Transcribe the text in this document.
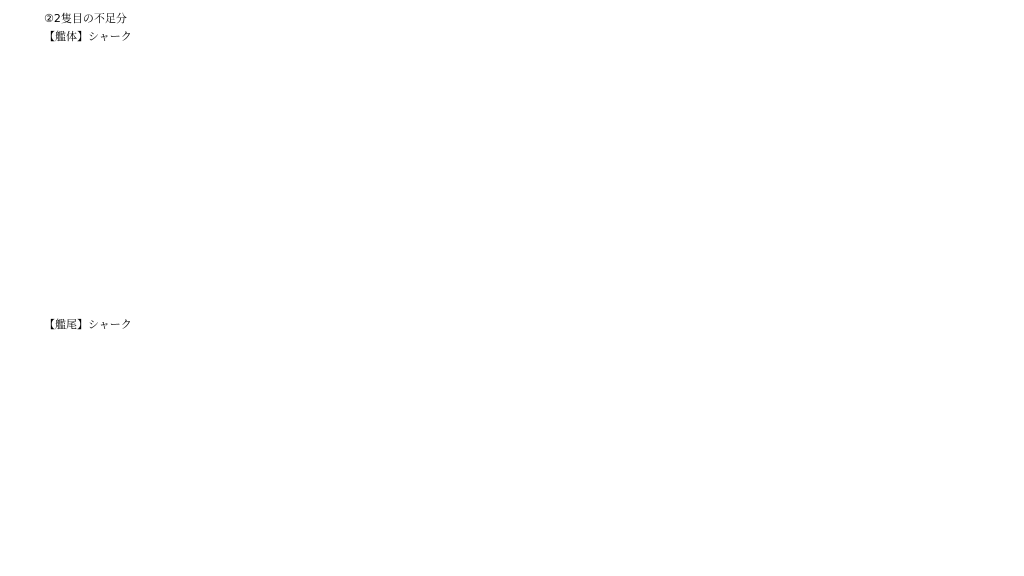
②2隻目の不足分
【艦体】シャーク
【艦尾】シャーク
